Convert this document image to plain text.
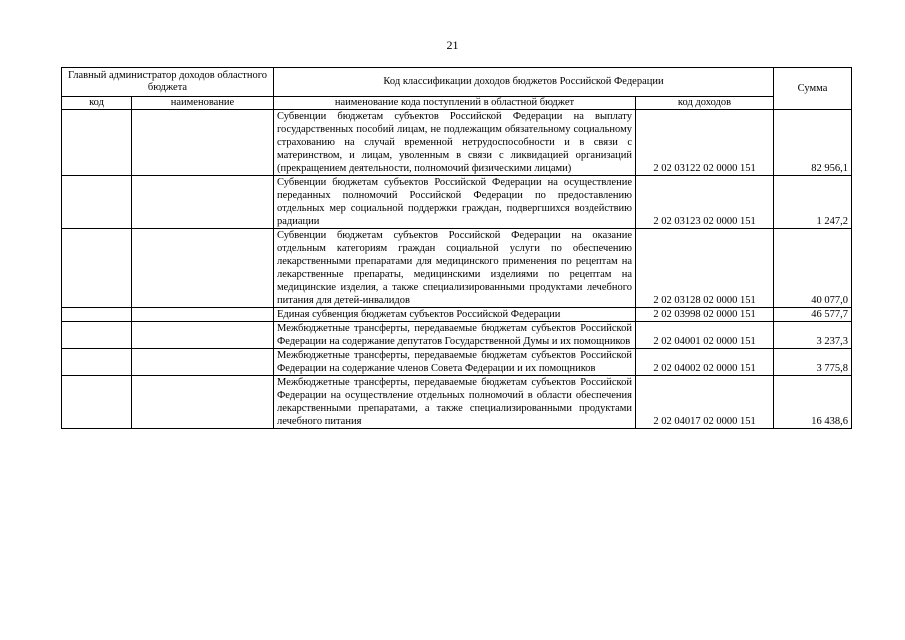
21
Главный администратор доходов областного бюджета		Код классификации доходов бюджетов Российской Федерации		Сумма
код	наименование	наименование кода поступлений в областной бюджет	код доходов	
		Субвенции бюджетам субъектов Российской Федерации на выплату государственных пособий лицам, не подлежащим обязательному социальному страхованию на случай временной нетрудоспособности и в связи с материнством, и лицам, уволенным в связи с ликвидацией организаций (прекращением деятельности, полномочий физическими лицами)	2 02 03122 02 0000 151	82 956,1
		Субвенции бюджетам субъектов Российской Федерации на осуществление переданных полномочий Российской Федерации по предоставлению отдельных мер социальной поддержки граждан, подвергшихся воздействию радиации	2 02 03123 02 0000 151	1 247,2
		Субвенции бюджетам субъектов Российской Федерации на оказание отдельным категориям граждан социальной услуги по обеспечению лекарственными препаратами для медицинского применения по рецептам на лекарственные препараты, медицинскими изделиями по рецептам на медицинские изделия, а также специализированными продуктами лечебного питания для детей-инвалидов	2 02 03128 02 0000 151	40 077,0
		Единая субвенция бюджетам субъектов Российской Федерации	2 02 03998 02 0000 151	46 577,7
		Межбюджетные трансферты, передаваемые бюджетам субъектов Российской Федерации на содержание депутатов Государственной Думы и их помощников	2 02 04001 02 0000 151	3 237,3
		Межбюджетные трансферты, передаваемые бюджетам субъектов Российской Федерации на содержание членов Совета Федерации и их помощников	2 02 04002 02 0000 151	3 775,8
		Межбюджетные трансферты, передаваемые бюджетам субъектов Российской Федерации на осуществление отдельных полномочий в области обеспечения лекарственными препаратами, а также специализированными продуктами лечебного питания	2 02 04017 02 0000 151	16 438,6
